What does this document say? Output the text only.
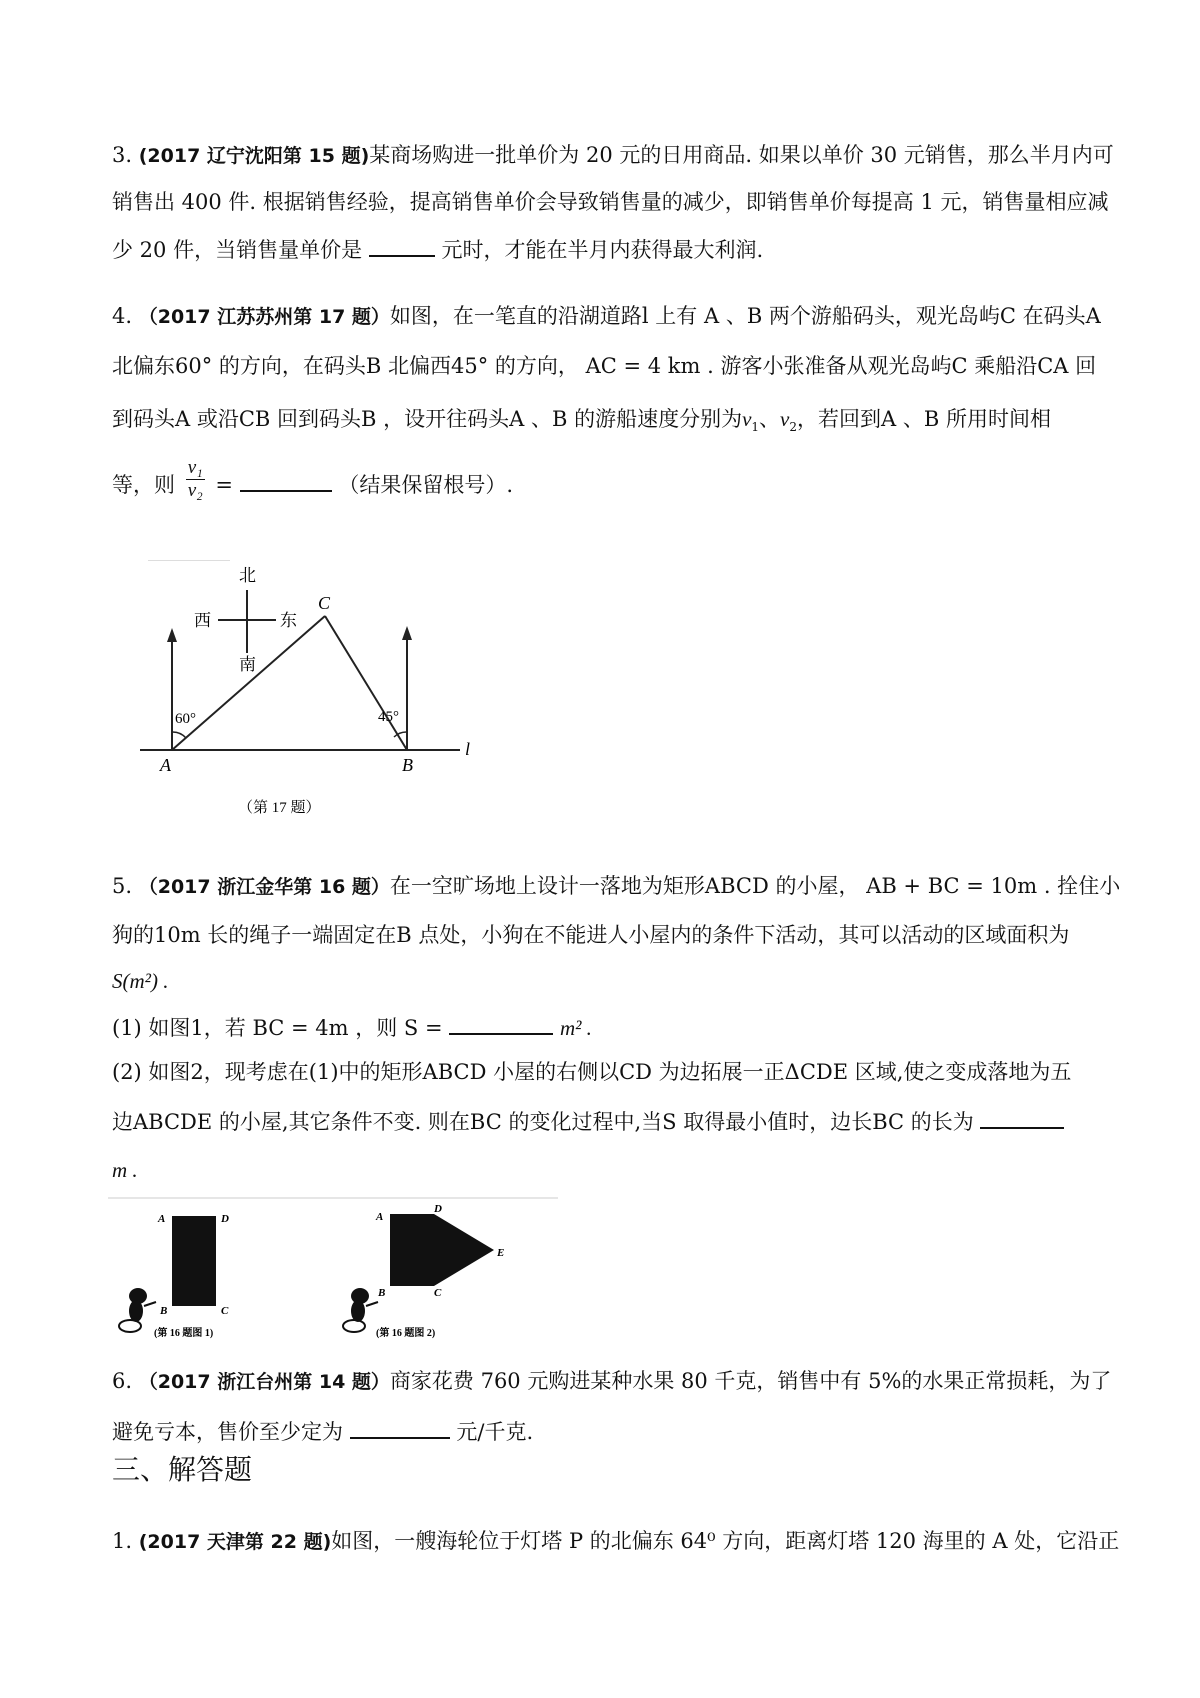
3. (2017 辽宁沈阳第 15 题)某商场购进一批单价为 20 元的日用商品. 如果以单价 30 元销售，那么半月内可
销售出 400 件. 根据销售经验，提高销售单价会导致销售量的减少，即销售单价每提高 1 元，销售量相应减
少 20 件，当销售量单价是	元时，才能在半月内获得最大利润.
4. （2017 江苏苏州第 17 题）如图，在一笔直的沿湖道路l 上有 A 、B 两个游船码头，观光岛屿C 在码头A
北偏东60° 的方向，在码头B 北偏西45° 的方向， AC = 4 km . 游客小张准备从观光岛屿C 乘船沿CA 回
到码头A 或沿CB 回到码头B ，设开往码头A 、B 的游船速度分别为$v_1$、$v_2$，若回到A 、B 所用时间相
等，则 $\frac{\text{v₁}}{\text{v₂}}$ =	（结果保留根号）.
北
西	东
南
60°	45°
C
A	B
l
（第 17 题）
5. （2017 浙江金华第 16 题）在一空旷场地上设计一落地为矩形ABCD 的小屋， AB + BC = 10m . 拴住小
狗的10m 长的绳子一端固定在B 点处，小狗在不能进人小屋内的条件下活动，其可以活动的区域面积为
S(m²) .
(1) 如图1，若 BC = 4m ，则 S =	m² .
(2) 如图2，现考虑在(1)中的矩形ABCD 小屋的右侧以CD 为边拓展一正ΔCDE 区域,使之变成落地为五
边ABCDE 的小屋,其它条件不变. 则在BC 的变化过程中,当S 取得最小值时，边长BC 的长为
m .
A	D
B	C
(第 16 题图 1)
A
D
E
B	C
(第 16 题图 2)
6. （2017 浙江台州第 14 题）商家花费 760 元购进某种水果 80 千克，销售中有 5%的水果正常损耗，为了
避免亏本，售价至少定为	元/千克.
三、解答题
1. (2017 天津第 22 题)如图，一艘海轮位于灯塔 P 的北偏东 64⁰ 方向，距离灯塔 120 海里的 A 处，它沿正
